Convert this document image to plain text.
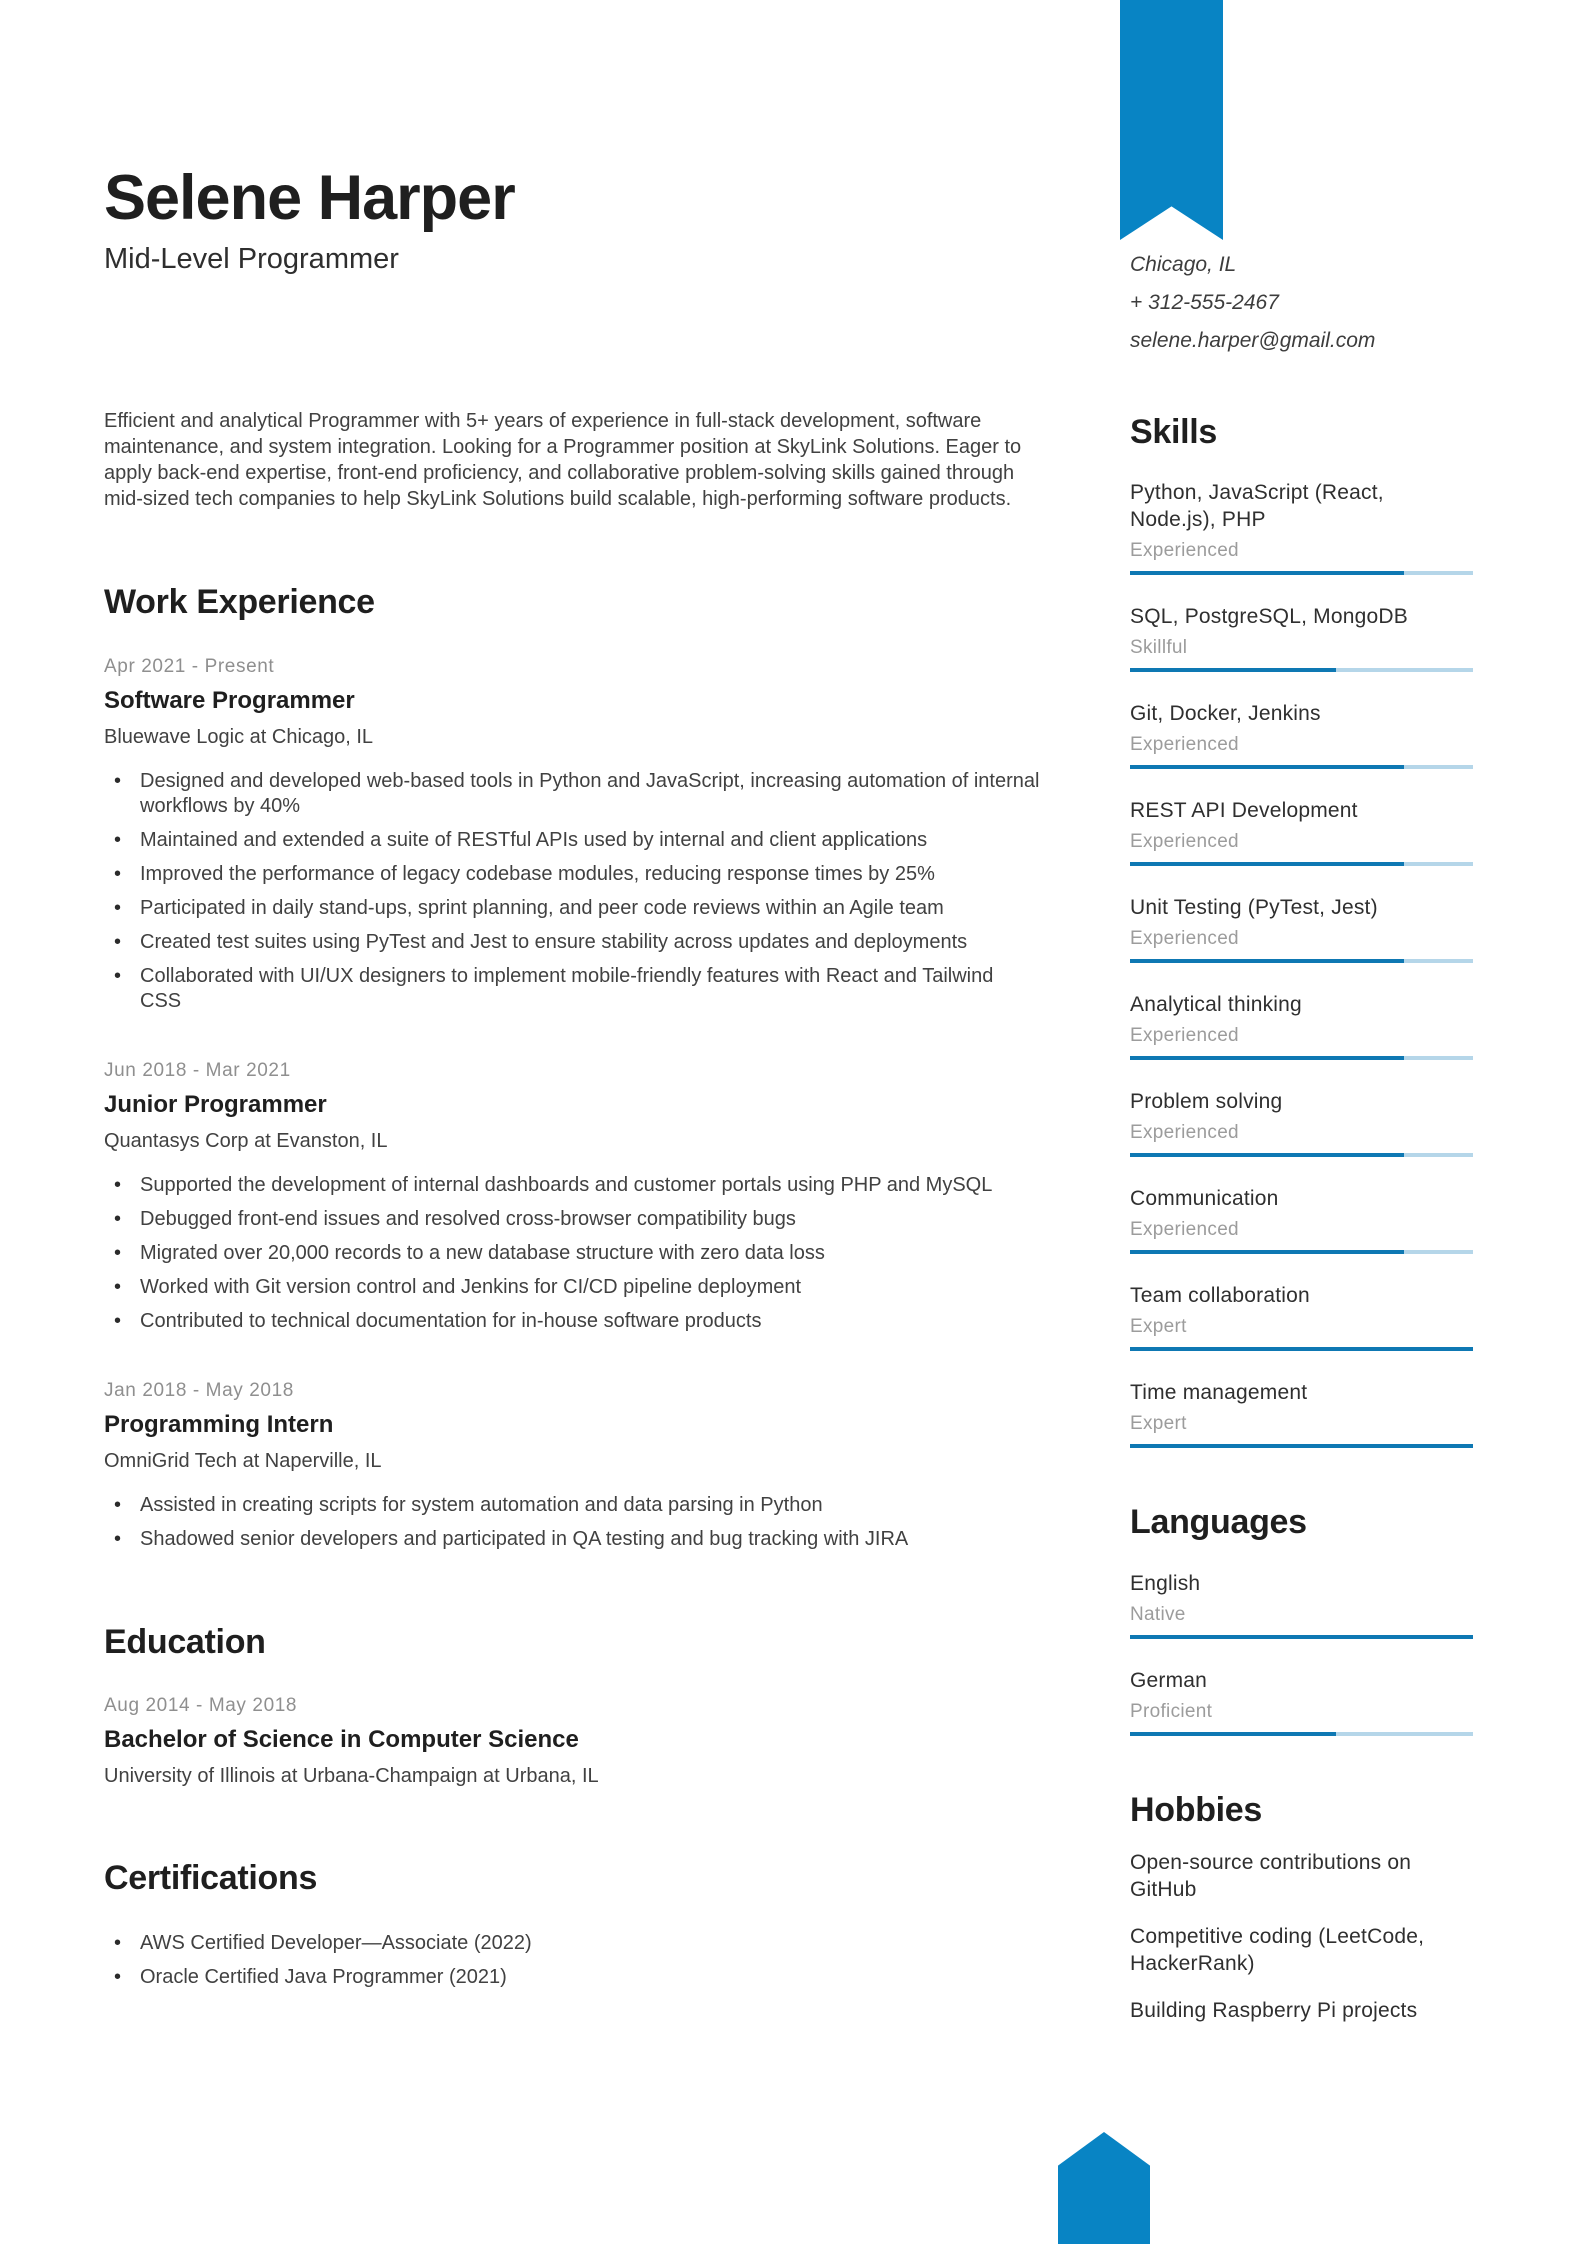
Selene Harper
Mid-Level Programmer

Efficient and analytical Programmer with 5+ years of experience in full-stack development, software maintenance, and system integration. Looking for a Programmer position at SkyLink Solutions. Eager to apply back-end expertise, front-end proficiency, and collaborative problem-solving skills gained through mid-sized tech companies to help SkyLink Solutions build scalable, high-performing software products.

Work Experience
Apr 2021 - Present
Software Programmer
Bluewave Logic at Chicago, IL
• Designed and developed web-based tools in Python and JavaScript, increasing automation of internal workflows by 40%
• Maintained and extended a suite of RESTful APIs used by internal and client applications
• Improved the performance of legacy codebase modules, reducing response times by 25%
• Participated in daily stand-ups, sprint planning, and peer code reviews within an Agile team
• Created test suites using PyTest and Jest to ensure stability across updates and deployments
• Collaborated with UI/UX designers to implement mobile-friendly features with React and Tailwind CSS
Jun 2018 - Mar 2021
Junior Programmer
Quantasys Corp at Evanston, IL
• Supported the development of internal dashboards and customer portals using PHP and MySQL
• Debugged front-end issues and resolved cross-browser compatibility bugs
• Migrated over 20,000 records to a new database structure with zero data loss
• Worked with Git version control and Jenkins for CI/CD pipeline deployment
• Contributed to technical documentation for in-house software products
Jan 2018 - May 2018
Programming Intern
OmniGrid Tech at Naperville, IL
• Assisted in creating scripts for system automation and data parsing in Python
• Shadowed senior developers and participated in QA testing and bug tracking with JIRA
Education
Aug 2014 - May 2018
Bachelor of Science in Computer Science
University of Illinois at Urbana-Champaign at Urbana, IL
Certifications
• AWS Certified Developer—Associate (2022)
• Oracle Certified Java Programmer (2021)

Chicago, IL

+ 312-555-2467

selene.harper@gmail.com

Skills
Python, JavaScript (React, Node.js), PHP
Experienced
SQL, PostgreSQL, MongoDB
Skillful
Git, Docker, Jenkins
Experienced
REST API Development
Experienced
Unit Testing (PyTest, Jest)
Experienced
Analytical thinking
Experienced
Problem solving
Experienced
Communication
Experienced
Team collaboration
Expert
Time management
Expert
Languages
English
Native
German
Proficient
Hobbies
Open-source contributions on GitHub
Competitive coding (LeetCode, HackerRank)
Building Raspberry Pi projects
